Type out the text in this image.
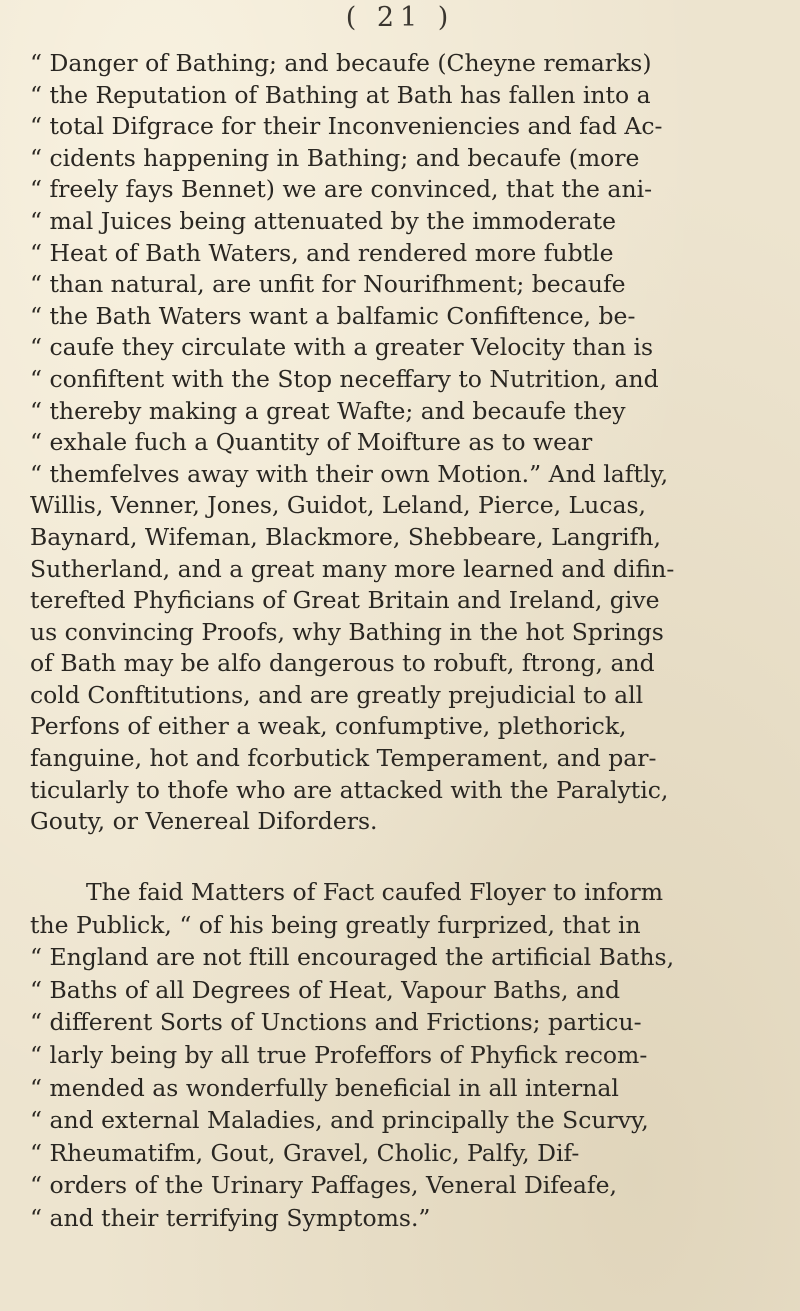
( 21 )
“ Danger of Bathing; and becaufe (Cheyne remarks)
“ the Reputation of Bathing at Bath has fallen into a
“ total Difgrace for their Inconveniencies and fad Ac-
“ cidents happening in Bathing; and becaufe (more
“ freely fays Bennet) we are convinced, that the ani-
“ mal Juices being attenuated by the immoderate
“ Heat of Bath Waters, and rendered more fubtle
“ than natural, are unfit for Nourifhment; becaufe
“ the Bath Waters want a balfamic Confiftence, be-
“ caufe they circulate with a greater Velocity than is
“ confiftent with the Stop neceffary to Nutrition, and
“ thereby making a great Wafte; and becaufe they
“ exhale fuch a Quantity of Moifture as to wear
“ themfelves away with their own Motion.” And laftly,
Willis, Venner, Jones, Guidot, Leland, Pierce, Lucas,
Baynard, Wifeman, Blackmore, Shebbeare, Langrifh,
Sutherland, and a great many more learned and difin-
terefted Phyficians of Great Britain and Ireland, give
us convincing Proofs, why Bathing in the hot Springs
of Bath may be alfo dangerous to robuft, ftrong, and
cold Conftitutions, and are greatly prejudicial to all
Perfons of either a weak, confumptive, plethorick,
fanguine, hot and fcorbutick Temperament, and par-
ticularly to thofe who are attacked with the Paralytic,
Gouty, or Venereal Diforders.
The faid Matters of Fact caufed Floyer to inform
the Publick, “ of his being greatly furprized, that in
“ England are not ftill encouraged the artificial Baths,
“ Baths of all Degrees of Heat, Vapour Baths, and
“ different Sorts of Unctions and Frictions; particu-
“ larly being by all true Profeffors of Phyfick recom-
“ mended as wonderfully beneficial in all internal
“ and external Maladies, and principally the Scurvy,
“ Rheumatifm, Gout, Gravel, Cholic, Palfy, Dif-
“ orders of the Urinary Paffages, Veneral Difeafe,
“ and their terrifying Symptoms.”
